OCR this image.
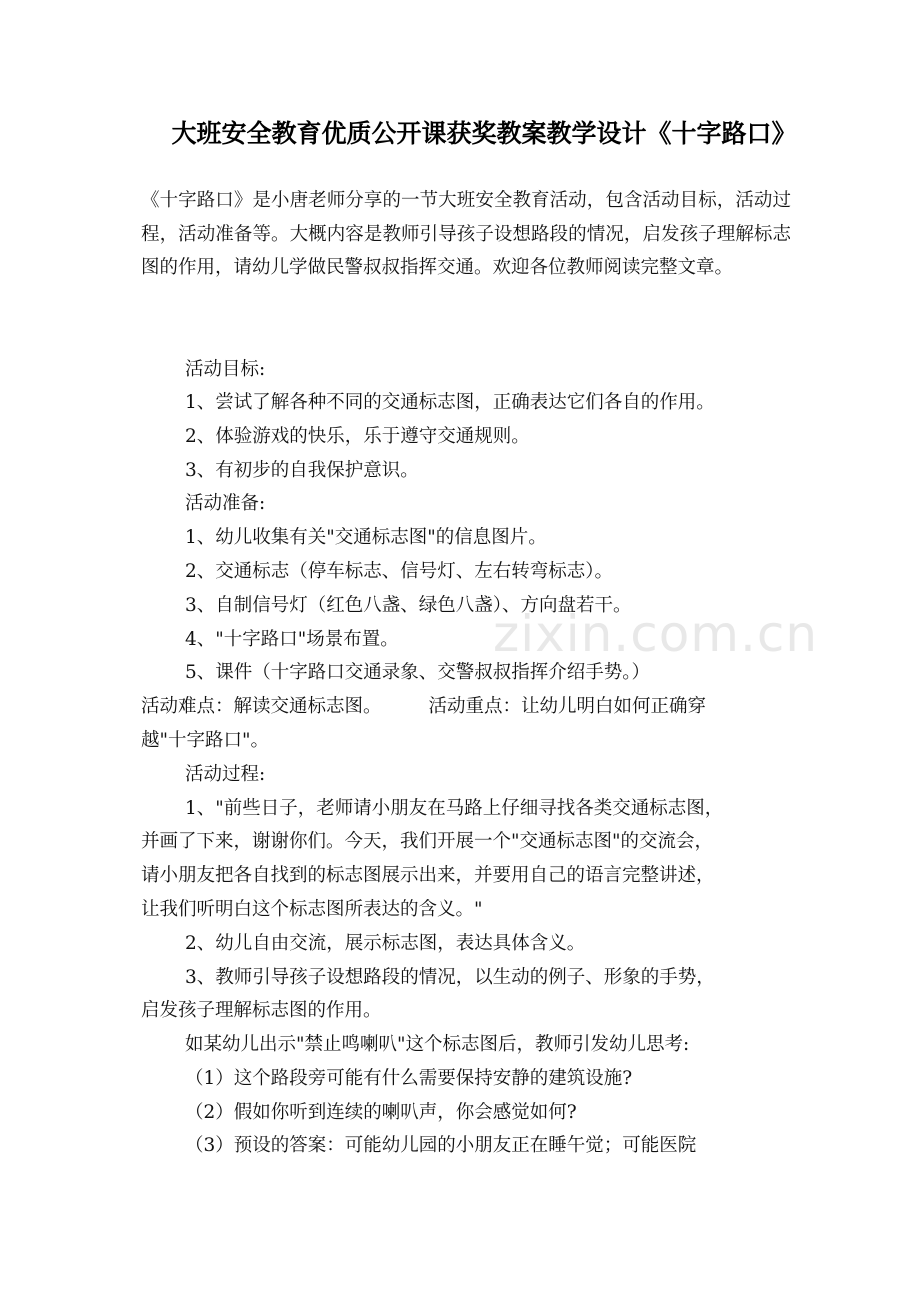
大班安全教育优质公开课获奖教案教学设计《十字路口》
《十字路口》是小唐老师分享的一节大班安全教育活动，包含活动目标，活动过程，活动准备等。大概内容是教师引导孩子设想路段的情况，启发孩子理解标志图的作用，请幼儿学做民警叔叔指挥交通。欢迎各位教师阅读完整文章。
活动目标:
1、尝试了解各种不同的交通标志图，正确表达它们各自的作用。
2、体验游戏的快乐，乐于遵守交通规则。
3、有初步的自我保护意识。
活动准备:
1、幼儿收集有关"交通标志图"的信息图片。
2、交通标志（停车标志、信号灯、左右转弯标志）。
3、自制信号灯（红色八盏、绿色八盏）、方向盘若干。
4、"十字路口"场景布置。
5、课件（十字路口交通录象、交警叔叔指挥介绍手势。）
活动难点：解读交通标志图。        活动重点：让幼儿明白如何正确穿
越"十字路口"。
活动过程:
1、"前些日子，老师请小朋友在马路上仔细寻找各类交通标志图，
并画了下来，谢谢你们。今天，我们开展一个"交通标志图"的交流会，
请小朋友把各自找到的标志图展示出来，并要用自己的语言完整讲述，
让我们听明白这个标志图所表达的含义。"
2、幼儿自由交流，展示标志图，表达具体含义。
3、教师引导孩子设想路段的情况，以生动的例子、形象的手势，
启发孩子理解标志图的作用。
如某幼儿出示"禁止鸣喇叭"这个标志图后，教师引发幼儿思考:
（1）这个路段旁可能有什么需要保持安静的建筑设施?
（2）假如你听到连续的喇叭声，你会感觉如何?
（3）预设的答案：可能幼儿园的小朋友正在睡午觉；可能医院
zixin.com.cn
